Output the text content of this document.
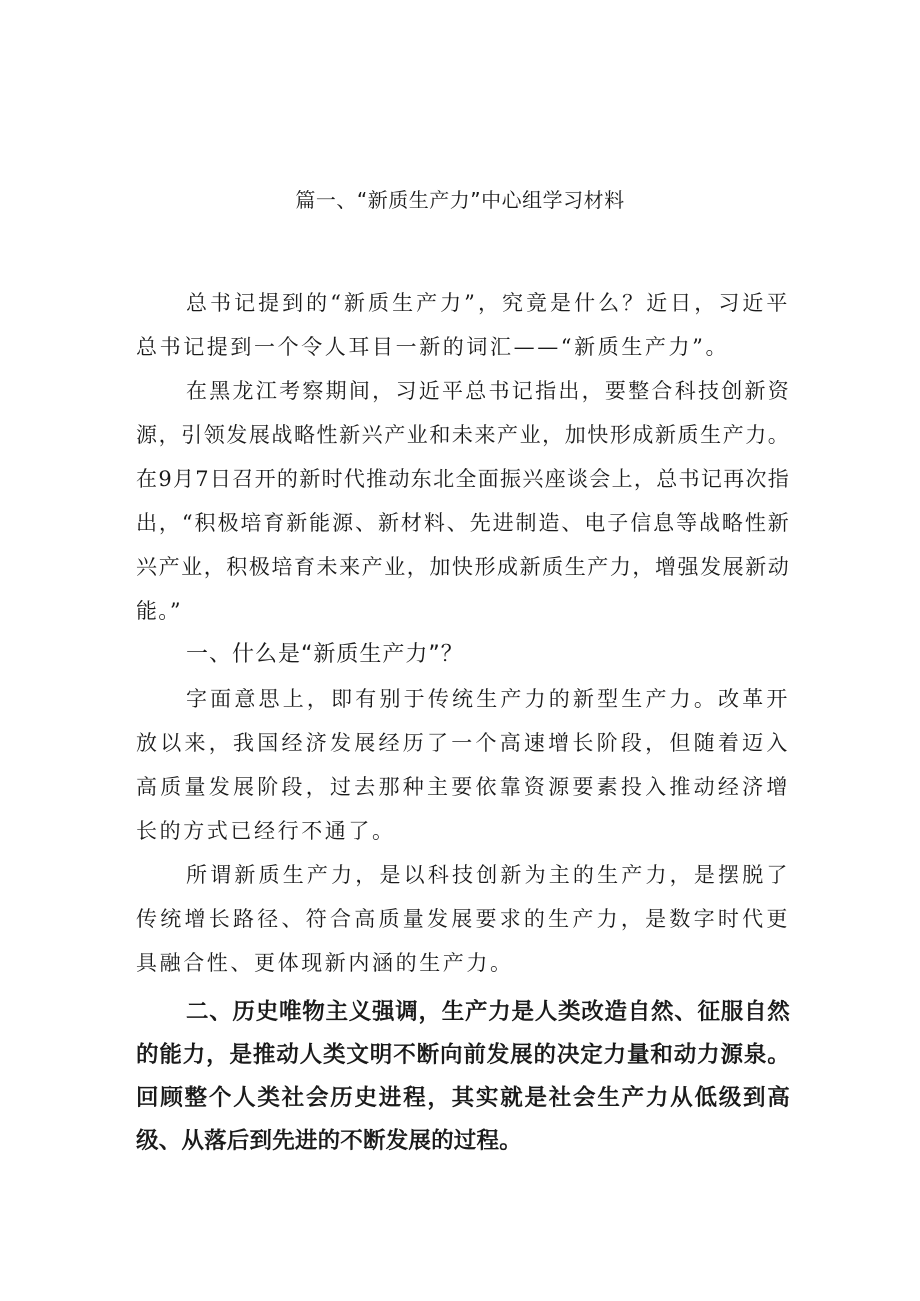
篇一、“新质生产力”中心组学习材料

总书记提到的“新质生产力”，究竟是什么？近日，习近平总书记提到一个令人耳目一新的词汇——“新质生产力”。

在黑龙江考察期间，习近平总书记指出，要整合科技创新资源，引领发展战略性新兴产业和未来产业，加快形成新质生产力。在9月7日召开的新时代推动东北全面振兴座谈会上，总书记再次指出，“积极培育新能源、新材料、先进制造、电子信息等战略性新兴产业，积极培育未来产业，加快形成新质生产力，增强发展新动能。”

一、什么是“新质生产力”？

字面意思上，即有别于传统生产力的新型生产力。改革开放以来，我国经济发展经历了一个高速增长阶段，但随着迈入高质量发展阶段，过去那种主要依靠资源要素投入推动经济增长的方式已经行不通了。

所谓新质生产力，是以科技创新为主的生产力，是摆脱了传统增长路径、符合高质量发展要求的生产力，是数字时代更具融合性、更体现新内涵的生产力。

二、历史唯物主义强调，生产力是人类改造自然、征服自然的能力，是推动人类文明不断向前发展的决定力量和动力源泉。回顾整个人类社会历史进程，其实就是社会生产力从低级到高级、从落后到先进的不断发展的过程。
